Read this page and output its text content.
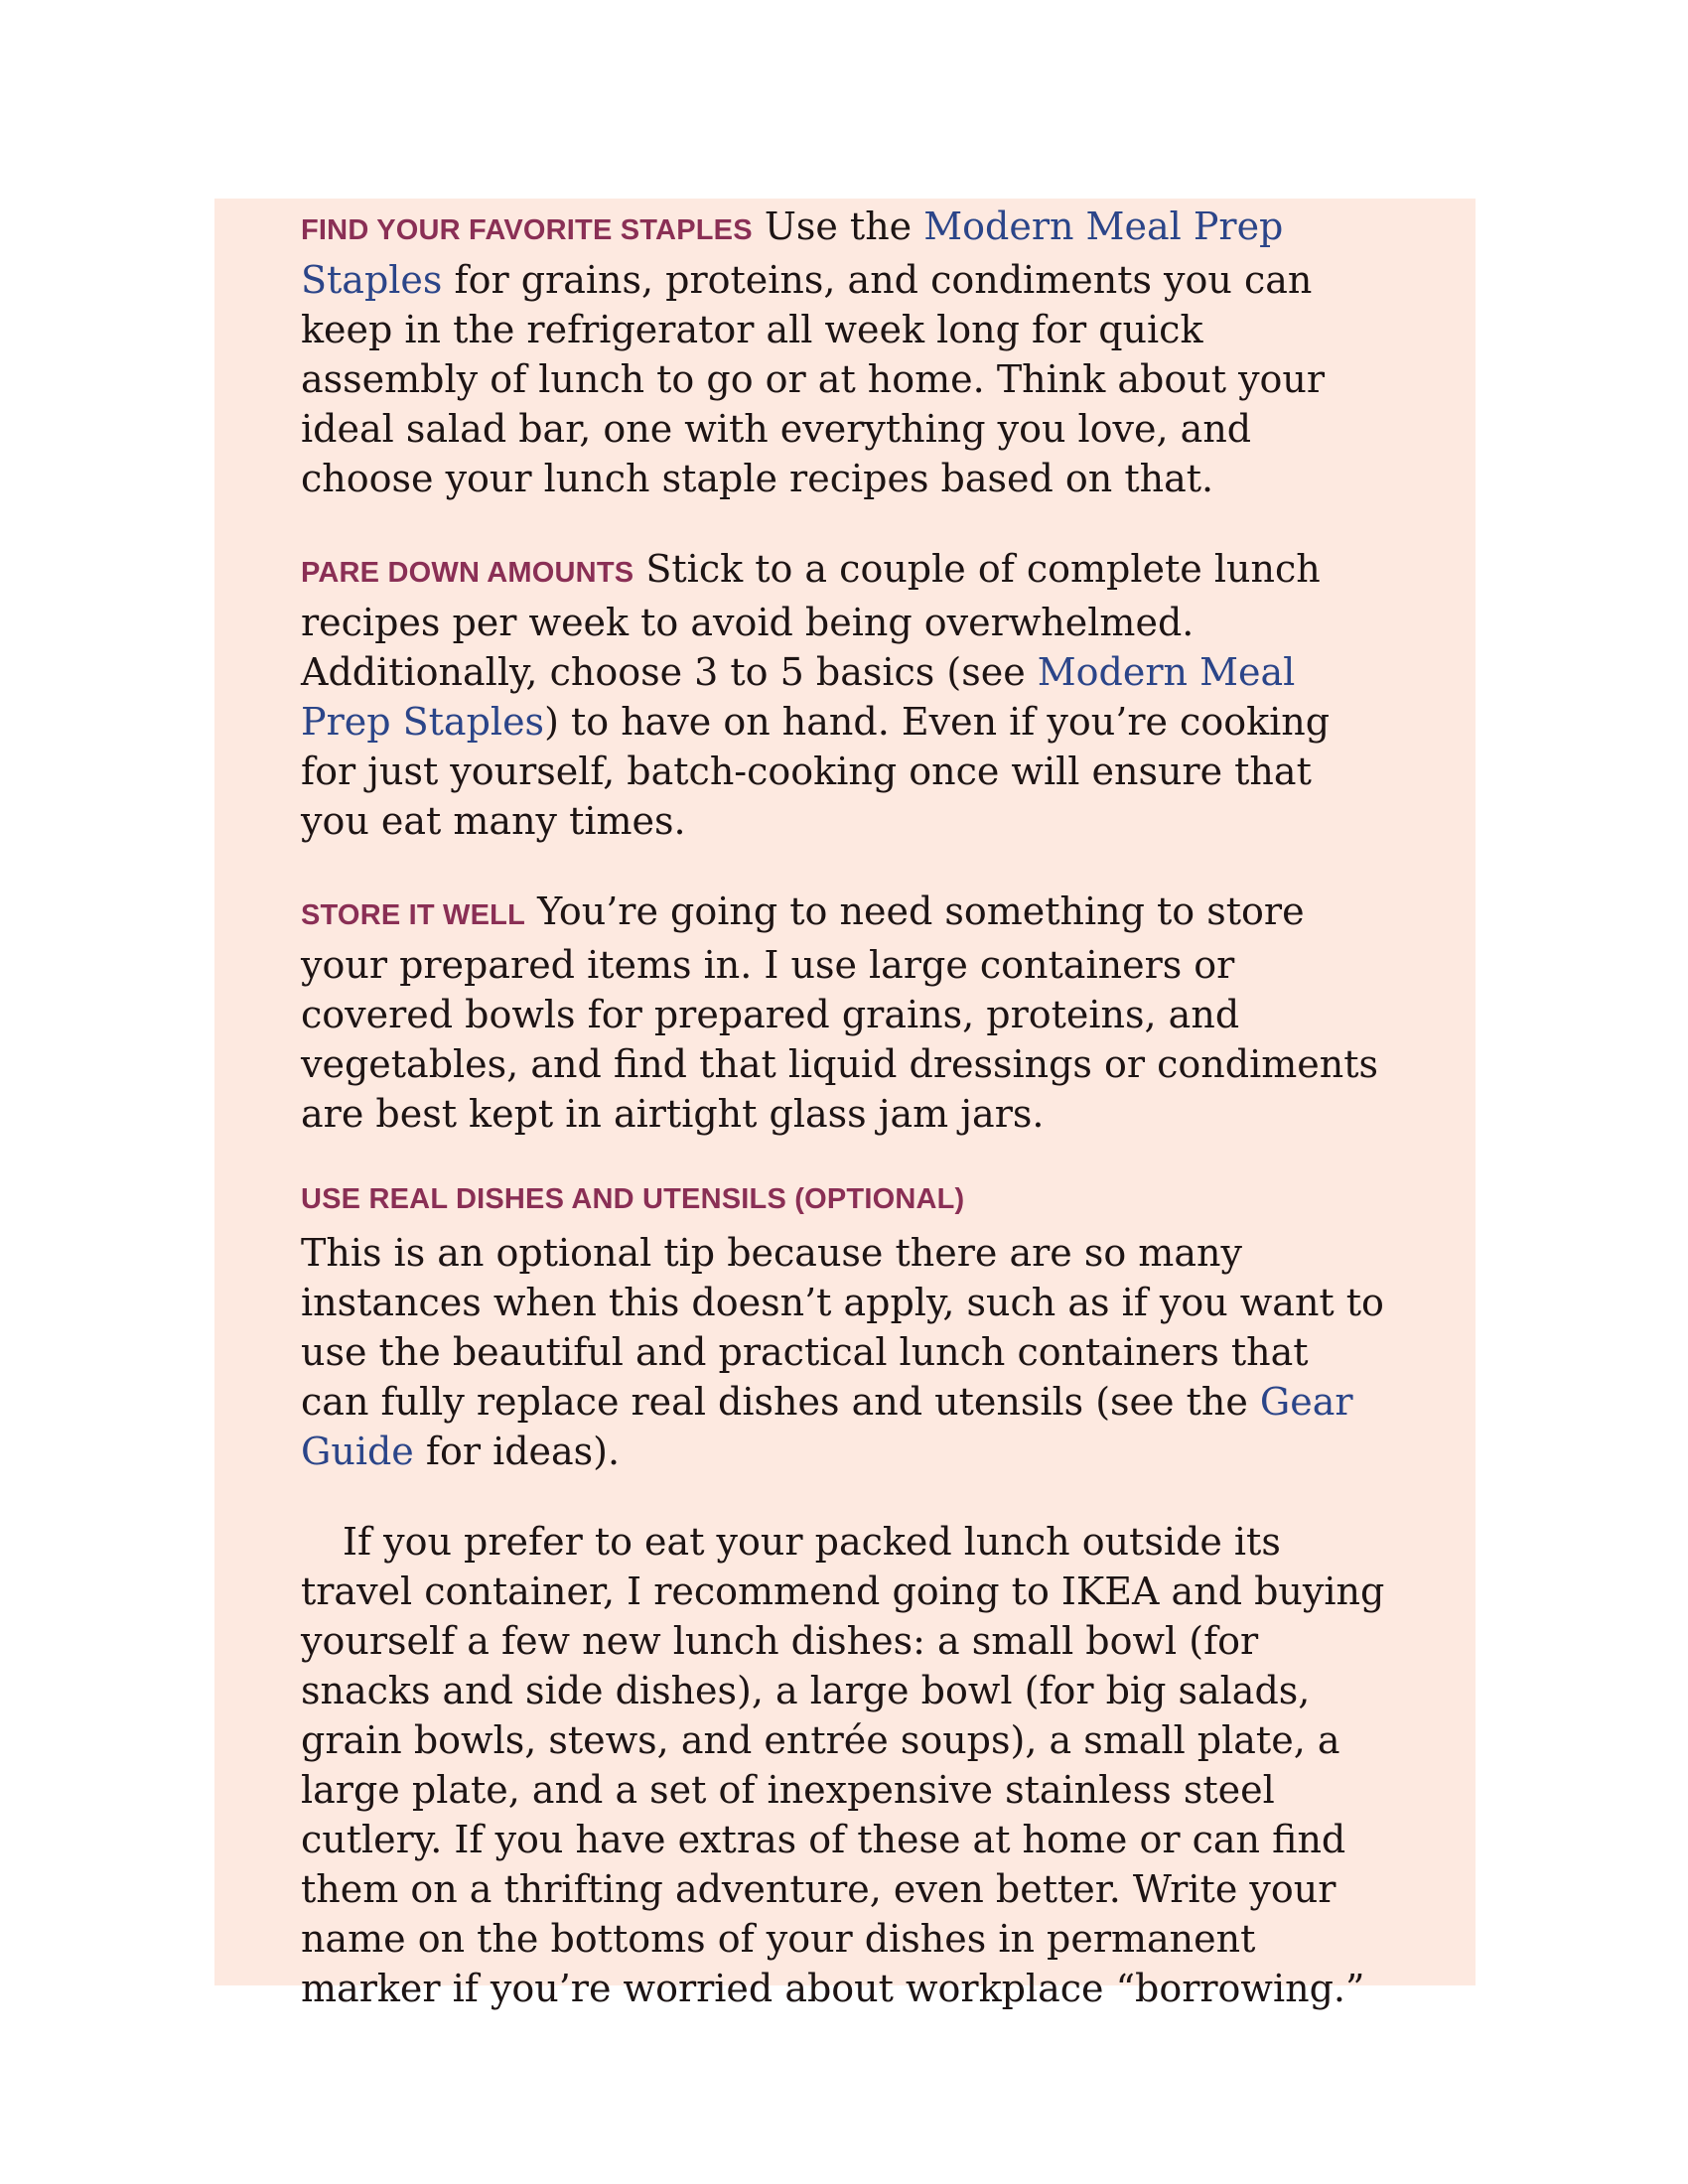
FIND YOUR FAVORITE STAPLES Use the Modern Meal Prep Staples for grains, proteins, and condiments you can keep in the refrigerator all week long for quick assembly of lunch to go or at home. Think about your ideal salad bar, one with everything you love, and choose your lunch staple recipes based on that.

PARE DOWN AMOUNTS Stick to a couple of complete lunch recipes per week to avoid being overwhelmed. Additionally, choose 3 to 5 basics (see Modern Meal Prep Staples) to have on hand. Even if you’re cooking for just yourself, batch-cooking once will ensure that you eat many times.

STORE IT WELL You’re going to need something to store your prepared items in. I use large containers or covered bowls for prepared grains, proteins, and vegetables, and find that liquid dressings or condiments are best kept in airtight glass jam jars.

USE REAL DISHES AND UTENSILS (OPTIONAL)

This is an optional tip because there are so many instances when this doesn’t apply, such as if you want to use the beautiful and practical lunch containers that can fully replace real dishes and utensils (see the Gear Guide for ideas).

If you prefer to eat your packed lunch outside its travel container, I recommend going to IKEA and buying yourself a few new lunch dishes: a small bowl (for snacks and side dishes), a large bowl (for big salads, grain bowls, stews, and entrée soups), a small plate, a large plate, and a set of inexpensive stainless steel cutlery. If you have extras of these at home or can find them on a thrifting adventure, even better. Write your name on the bottoms of your dishes in permanent marker if you’re worried about workplace “borrowing.”
